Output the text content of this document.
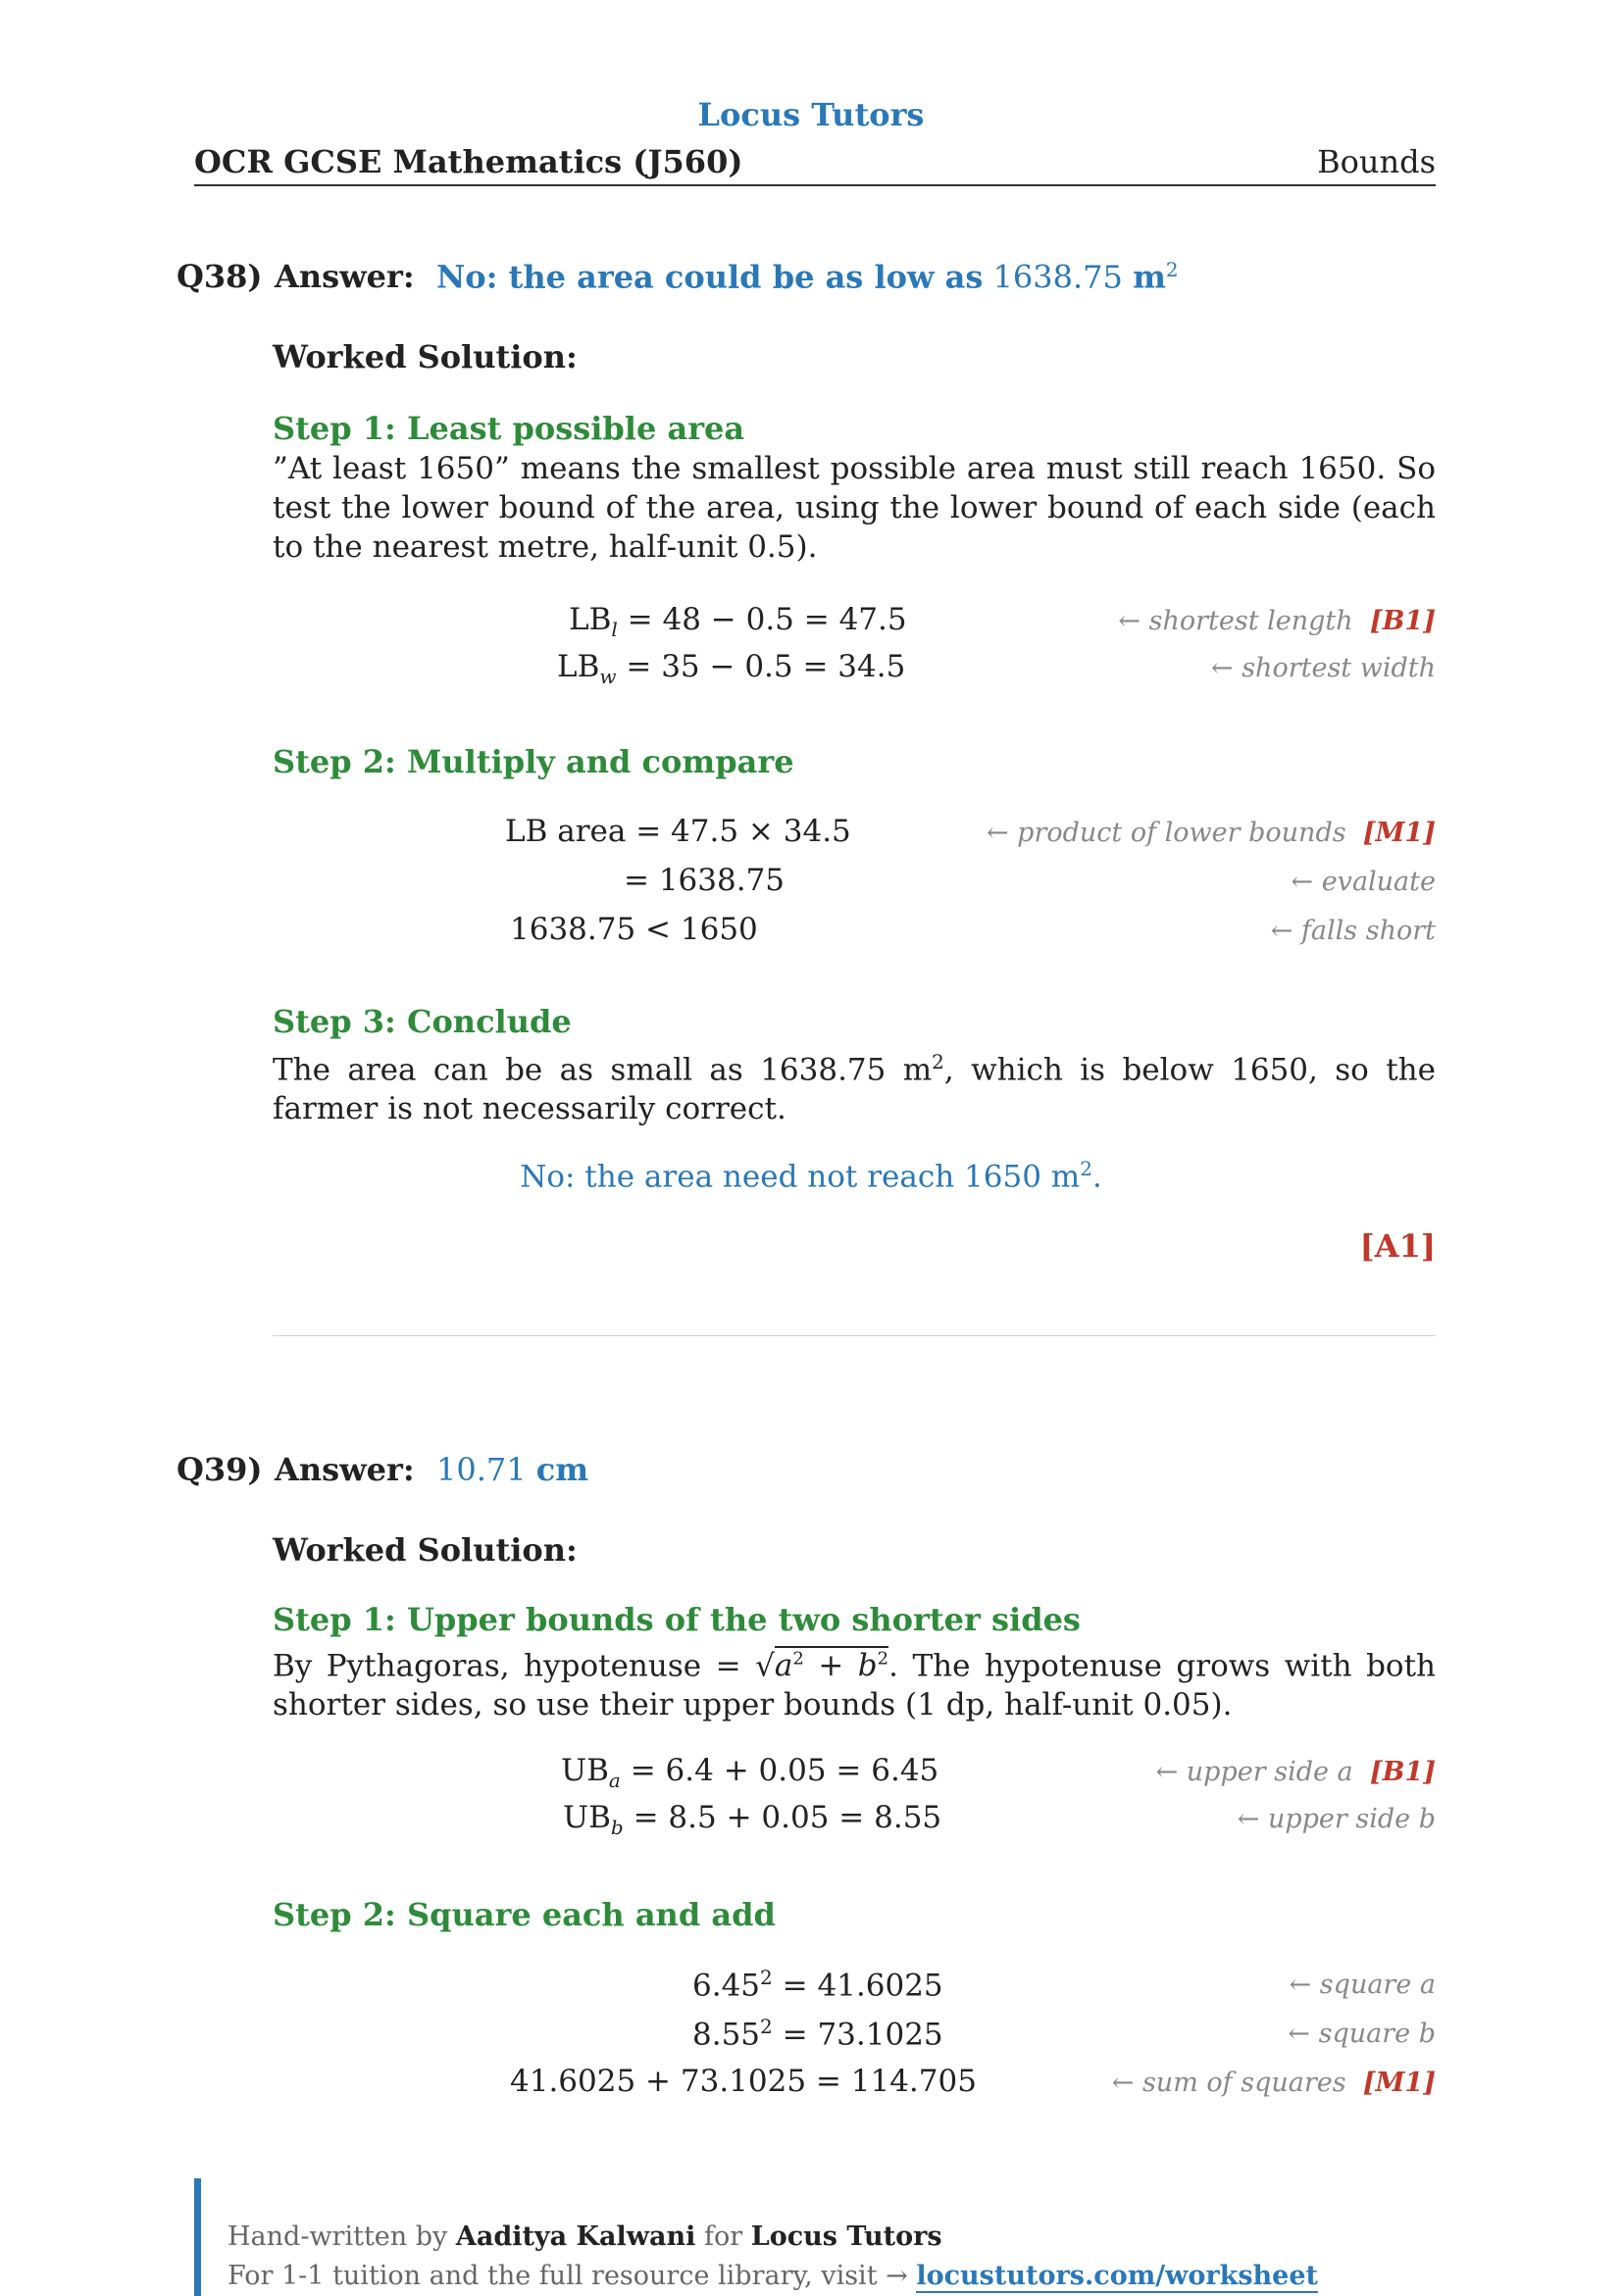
Locus Tutors
OCR GCSE Mathematics (J560)	Bounds
Q38) Answer: No: the area could be as low as 1638.75 $m^2$
Worked Solution:
Step 1: Least possible area
”At least 1650” means the smallest possible area must still reach 1650. So test the lower bound of the area, using the lower bound of each side (each to the nearest metre, half-unit 0.5).
$LB_l = 48 - 0.5 = 47.5$	← shortest length [B1]
$LB_w = 35 - 0.5 = 34.5$	← shortest width
Step 2: Multiply and compare
LB area = 47.5 × 34.5	← product of lower bounds [M1]
= 1638.75	← evaluate
1638.75 < 1650	← falls short
Step 3: Conclude
The area can be as small as 1638.75 $m^2$, which is below 1650, so the farmer is not necessarily correct.
No: the area need not reach 1650 $m^2$.
[A1]
Q39) Answer: 10.71 cm
Worked Solution:
Step 1: Upper bounds of the two shorter sides
By Pythagoras, hypotenuse = $√a^2 + b^2$. The hypotenuse grows with both shorter sides, so use their upper bounds (1 dp, half-unit 0.05).
$UB_a = 6.4 + 0.05 = 6.45$	← upper side a [B1]
$UB_b = 8.5 + 0.05 = 8.55$	← upper side b
Step 2: Square each and add
$6.45^2 = 41.6025$	← square a
$8.55^2 = 73.1025$	← square b
41.6025 + 73.1025 = 114.705	← sum of squares [M1]
Hand-written by Aaditya Kalwani for Locus Tutors
For 1-1 tuition and the full resource library, visit → locustutors.com/worksheet
